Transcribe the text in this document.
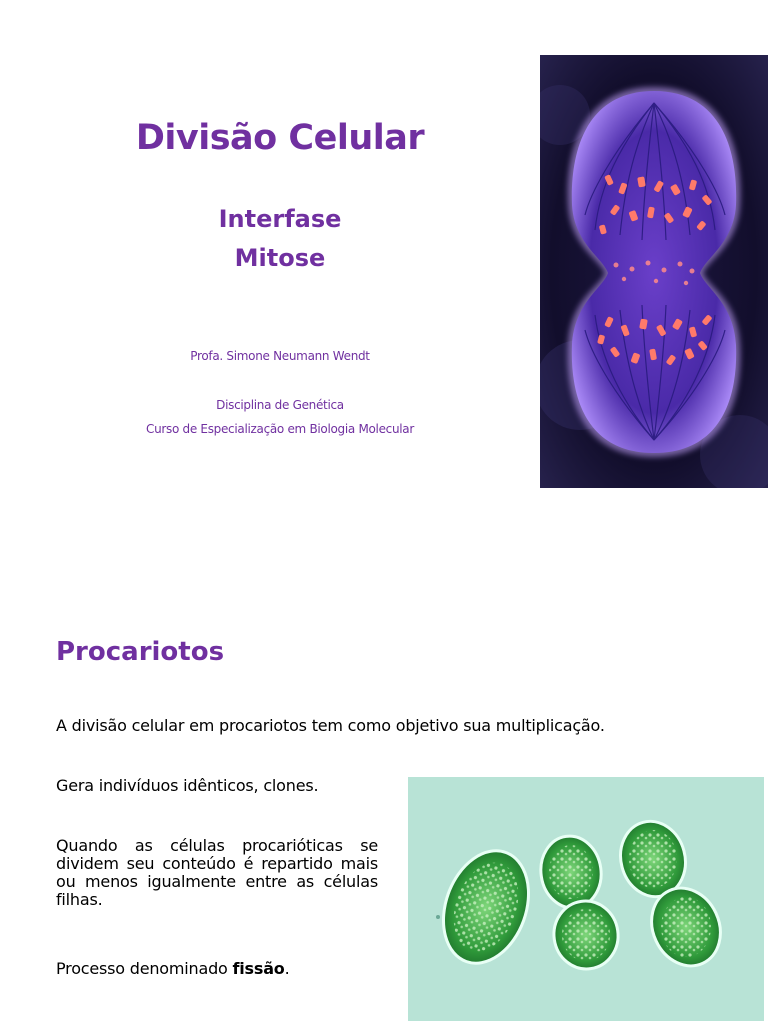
Divisão Celular
Interfase
Mitose
Profa. Simone Neumann Wendt
Disciplina de Genética
Curso de Especialização em Biologia Molecular
Procariotos
A divisão celular em procariotos tem como objetivo sua multiplicação.
Gera indivíduos idênticos, clones.
Quando as células procarióticas se dividem seu conteúdo é repartido mais ou menos igualmente entre as células filhas.
Processo denominado fissão.
